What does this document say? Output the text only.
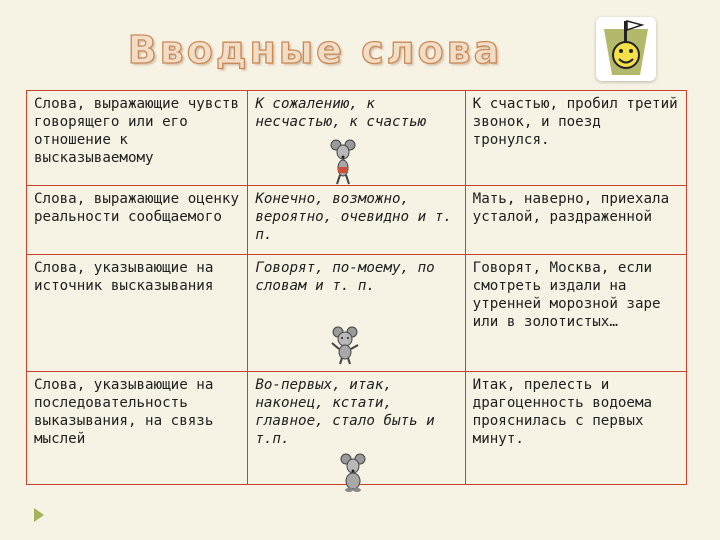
Вводные слова
Слова, выражающие чувств говорящего или его отношение к высказываемому	К сожалению, к несчастью, к счастью	К счастью, пробил третий звонок, и поезд тронулся.
Слова, выражающие оценку реальности сообщаемого	Конечно, возможно, вероятно, очевидно и т. п.	Мать, наверно, приехала усталой, раздраженной
Слова, указывающие на источник высказывания	Говорят, по-моему, по словам и т. п.	Говорят, Москва, если смотреть издали на утренней морозной заре или в золотистых…
Слова, указывающие на последовательность выказывания, на связь мыслей	Во-первых, итак, наконец, кстати, главное, стало быть и т.п.	Итак, прелесть и драгоценность водоема прояснилась с первых минут.
